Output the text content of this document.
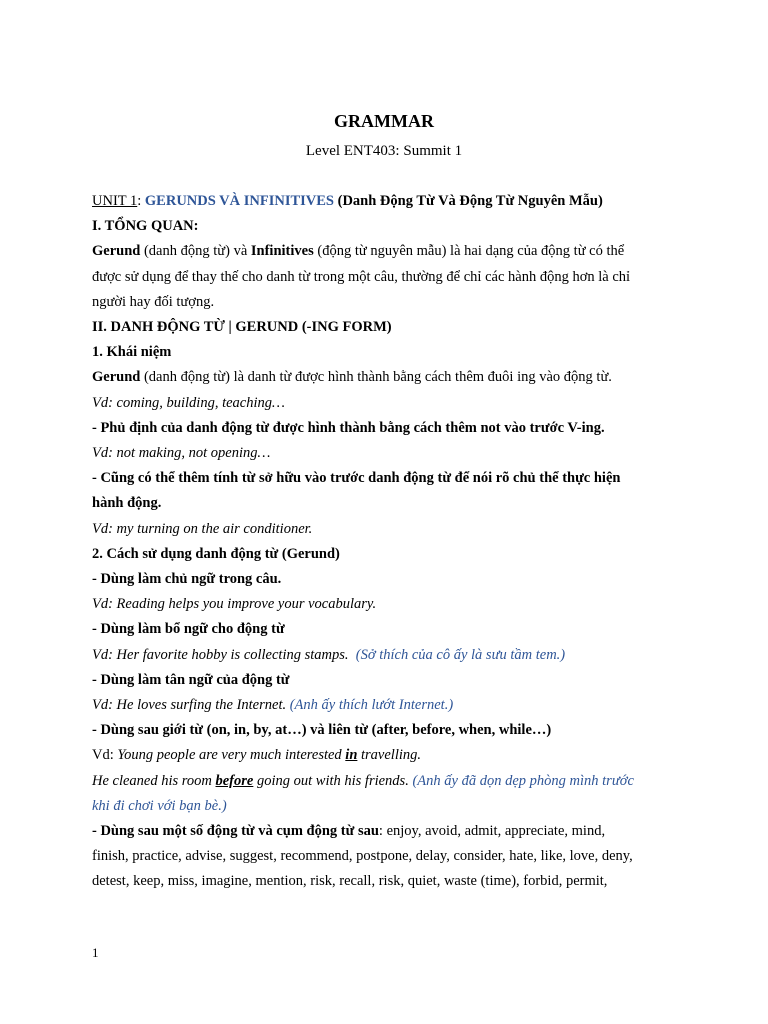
GRAMMAR
Level ENT403: Summit 1

UNIT 1: GERUNDS VÀ INFINITIVES (Danh Động Từ Và Động Từ Nguyên Mẫu)

I. TỔNG QUAN:

Gerund (danh động từ) và Infinitives (động từ nguyên mẫu) là hai dạng của động từ có thể

được sử dụng để thay thế cho danh từ trong một câu, thường để chỉ các hành động hơn là chỉ

người hay đối tượng.

II. DANH ĐỘNG TỪ | GERUND (-ING FORM)

1. Khái niệm

Gerund (danh động từ) là danh từ được hình thành bằng cách thêm đuôi ing vào động từ.

Vd: coming, building, teaching…

- Phủ định của danh động từ được hình thành bằng cách thêm not vào trước V-ing.

Vd: not making, not opening…

- Cũng có thể thêm tính từ sở hữu vào trước danh động từ để nói rõ chủ thể thực hiện

hành động.

Vd: my turning on the air conditioner.

2. Cách sử dụng danh động từ (Gerund)

- Dùng làm chủ ngữ trong câu.

Vd: Reading helps you improve your vocabulary.

- Dùng làm bổ ngữ cho động từ

Vd: Her favorite hobby is collecting stamps. (Sở thích của cô ấy là sưu tầm tem.)

- Dùng làm tân ngữ của động từ

Vd: He loves surfing the Internet. (Anh ấy thích lướt Internet.)

- Dùng sau giới từ (on, in, by, at…) và liên từ (after, before, when, while…)

Vd: Young people are very much interested in travelling.

He cleaned his room before going out with his friends. (Anh ấy đã dọn dẹp phòng mình trước

khi đi chơi với bạn bè.)

- Dùng sau một số động từ và cụm động từ sau: enjoy, avoid, admit, appreciate, mind,

finish, practice, advise, suggest, recommend, postpone, delay, consider, hate, like, love, deny,

detest, keep, miss, imagine, mention, risk, recall, risk, quiet, waste (time), forbid, permit,

1
